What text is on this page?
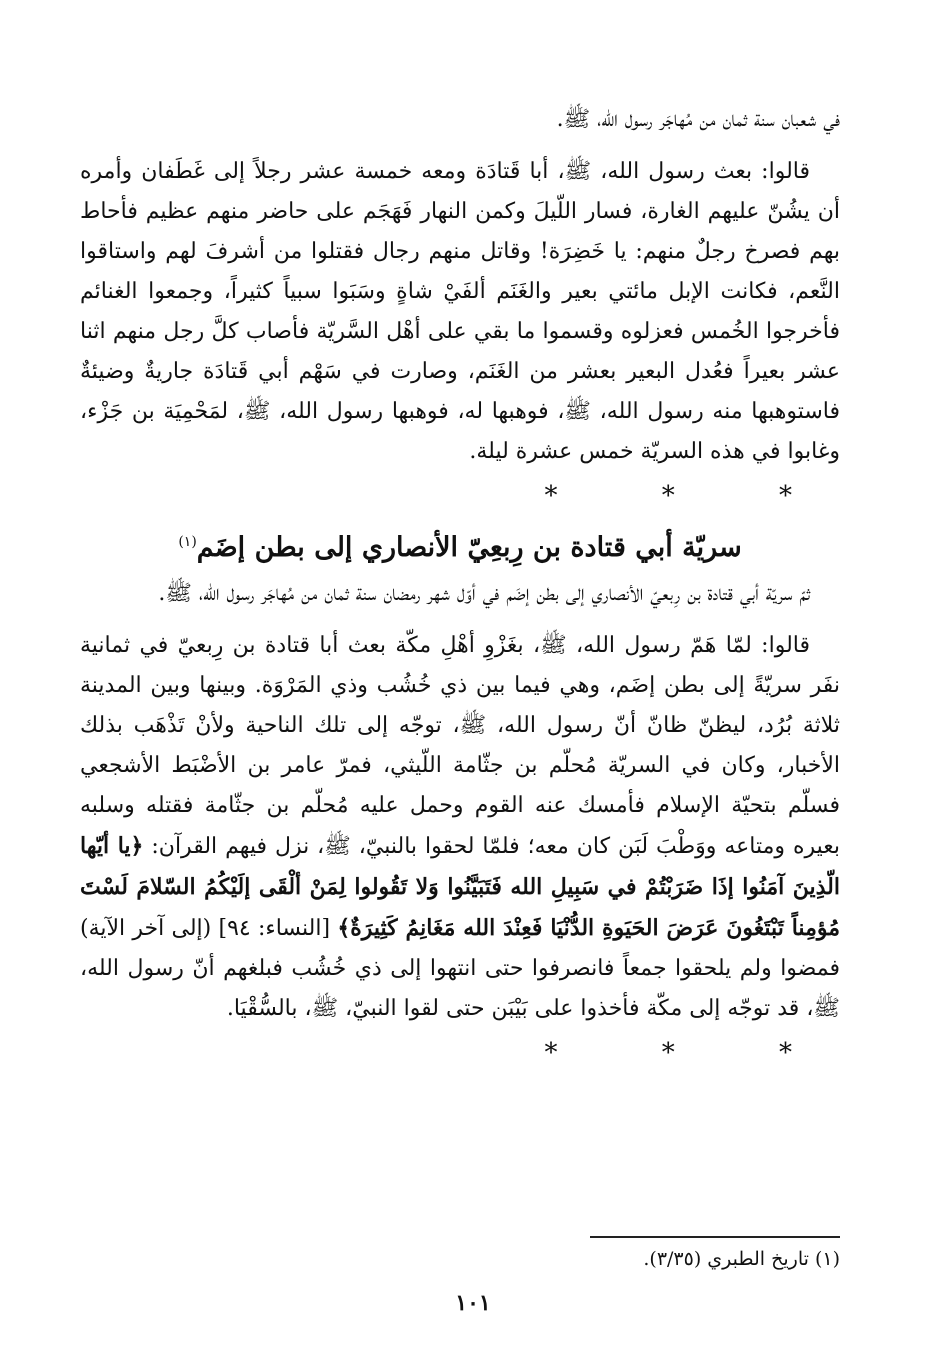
في شعبان سنة ثمان من مُهاجَر رسول الله، ﷺ.

قالوا: بعث رسول الله، ﷺ، أبا قَتادَة ومعه خمسة عشر رجلاً إلى غَطَفان وأمره أن يشُنّ عليهم الغارة، فسار اللّيلَ وكمن النهار فَهَجَم على حاضر منهم عظيم فأحاط بهم فصرخ رجلٌ منهم: يا خَضِرَة! وقاتل منهم رجال فقتلوا من أشرفَ لهم واستاقوا النَّعم، فكانت الإبل مائتي بعير والغَنَم ألفَيْ شاةٍ وسَبَوا سبياً كثيراً، وجمعوا الغنائم فأخرجوا الخُمس فعزلوه وقسموا ما بقي على أهْل السَّريّة فأصاب كلَّ رجل منهم اثنا عشر بعيراً فعُدل البعير بعشر من الغَنَم، وصارت في سَهْم أبي قَتادَة جاريةٌ وضيئةٌ فاستوهبها منه رسول الله، ﷺ، فوهبها له، فوهبها رسول الله، ﷺ، لمَحْمِيَة بن جَزْء، وغابوا في هذه السريّة خمس عشرة ليلة.

* * *
سريّة أبي قتادة بن رِبعِيّ الأنصاري إلى بطن إضَم$^{(١)}$

ثمّ سريّة أبي قتادة بن رِبعيّ الأنصاري إلى بطن إضَم في أوّل شهر رمضان سنة ثمان من مُهاجَر رسول الله، ﷺ.

قالوا: لمّا هَمّ رسول الله، ﷺ، بغَزْوِ أهْلِ مكّة بعث أبا قتادة بن رِبعيّ في ثمانية نفَر سريّةً إلى بطن إضَم، وهي فيما بين ذي خُشُب وذي المَرْوَة. وبينها وبين المدينة ثلاثة بُرُد، ليظنّ ظانّ أنّ رسول الله، ﷺ، توجّه إلى تلك الناحية ولأنْ تَذْهَب بذلك الأخبار، وكان في السريّة مُحلّم بن جثّامة اللّيثي، فمرّ عامر بن الأضْبَط الأشجعي فسلّم بتحيّة الإسلام فأمسك عنه القوم وحمل عليه مُحلّم بن جثّامة فقتله وسلبه بعيره ومتاعه ووَطْبَ لَبَن كان معه؛ فلمّا لحقوا بالنبيّ، ﷺ، نزل فيهم القرآن: ﴿يا أيّها الّذِينَ آمَنُوا إذَا ضَرَبْتُمْ في سَبِيلِ الله فَتَبَيَّنُوا وَلا تَقُولوا لِمَنْ ألْقَى إلَيْكُمُ السّلامَ لَسْتَ مُؤمِناً تَبْتَغُونَ عَرَضَ الحَيَوةِ الدُّنْيَا فَعِنْدَ الله مَغَانِمُ كَثِيرَةٌ﴾ [النساء: ٩٤] (إلى آخر الآية) فمضوا ولم يلحقوا جمعاً فانصرفوا حتى انتهوا إلى ذي خُشُب فبلغهم أنّ رسول الله، ﷺ، قد توجّه إلى مكّة فأخذوا على بَيْبَن حتى لقوا النبيّ، ﷺ، بالسُّقْيَا.

* * *
(١) تاريخ الطبري (٣/٣٥).
١٠١
